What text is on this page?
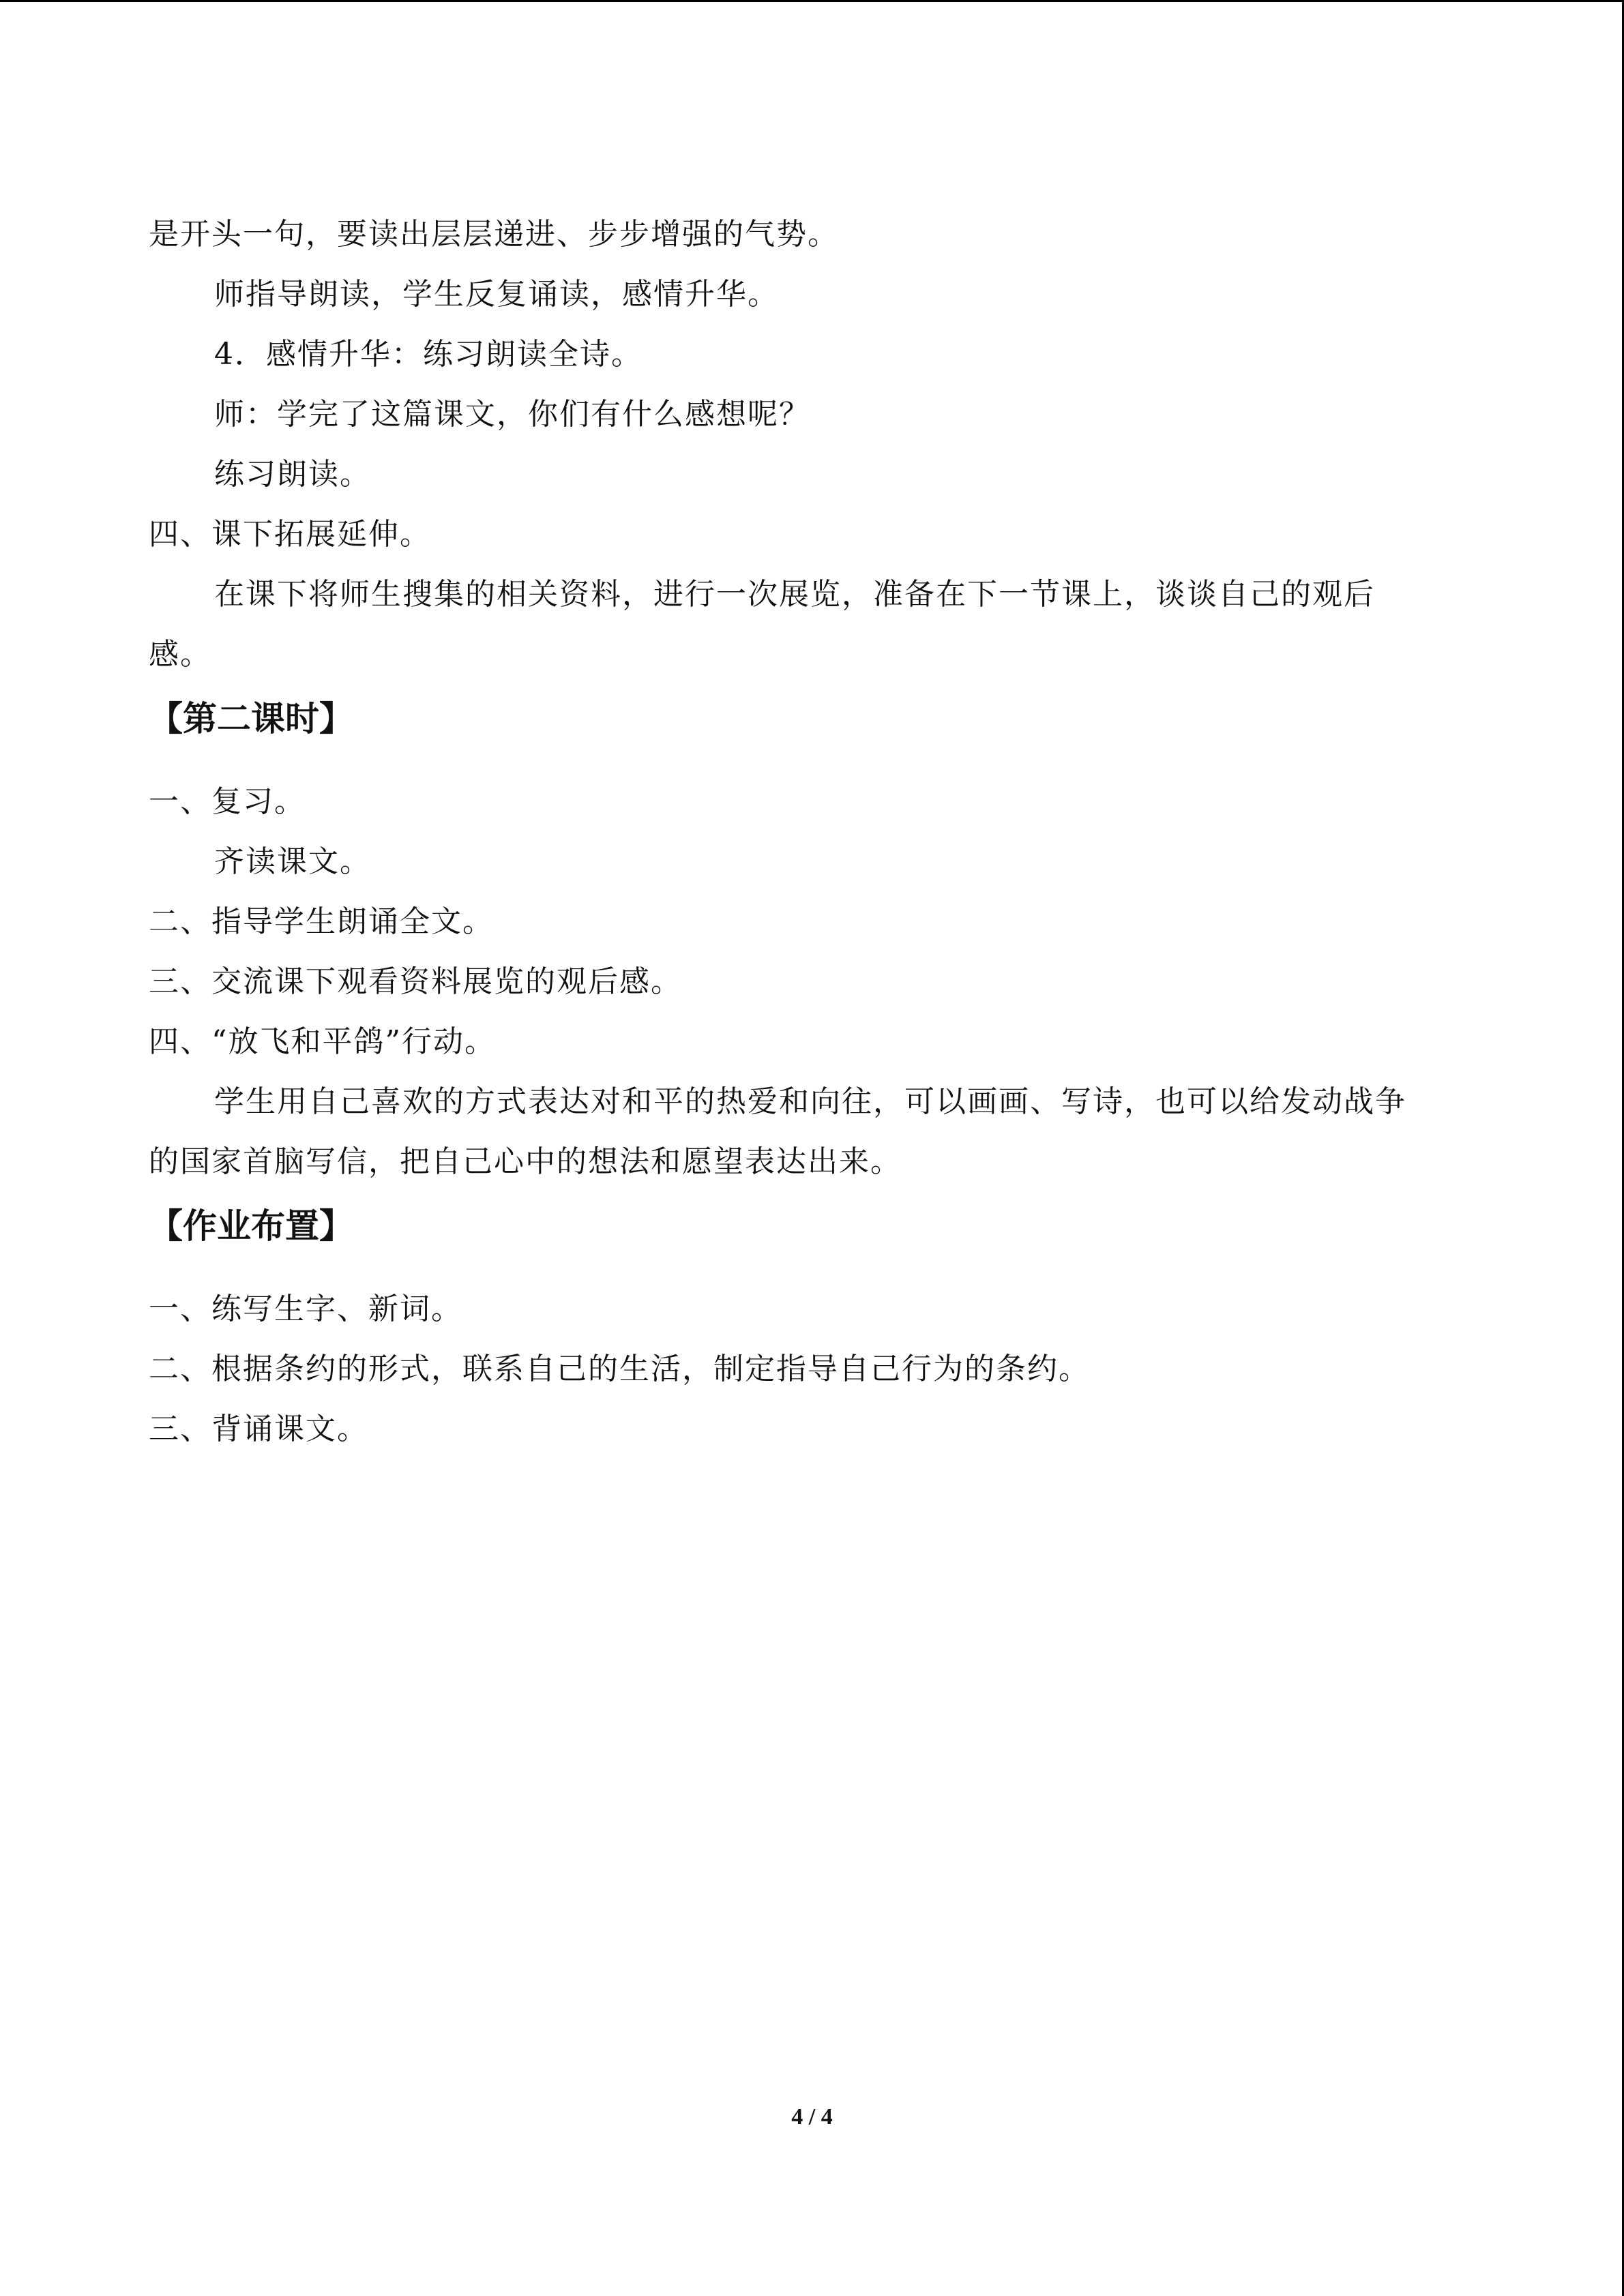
是开头一句，要读出层层递进、步步增强的气势。
师指导朗读，学生反复诵读，感情升华。
4．感情升华：练习朗读全诗。
师：学完了这篇课文，你们有什么感想呢？
练习朗读。
四、课下拓展延伸。
在课下将师生搜集的相关资料，进行一次展览，准备在下一节课上，谈谈自己的观后
感。
【第二课时】
一、复习。
齐读课文。
二、指导学生朗诵全文。
三、交流课下观看资料展览的观后感。
四、“放飞和平鸽”行动。
学生用自己喜欢的方式表达对和平的热爱和向往，可以画画、写诗，也可以给发动战争
的国家首脑写信，把自己心中的想法和愿望表达出来。
【作业布置】
一、练写生字、新词。
二、根据条约的形式，联系自己的生活，制定指导自己行为的条约。
三、背诵课文。
4 / 4
